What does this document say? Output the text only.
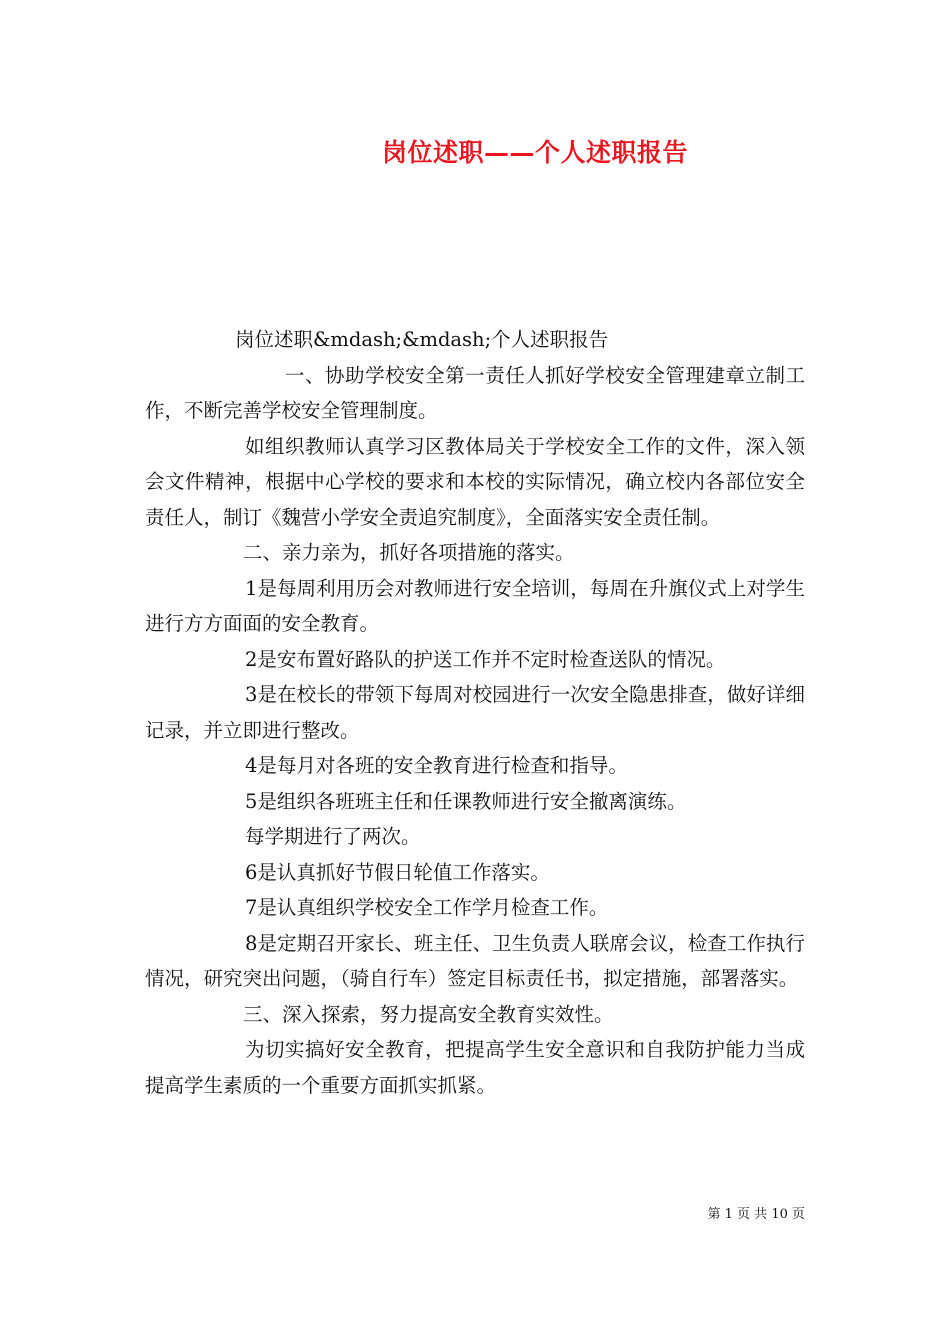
岗位述职——个人述职报告

岗位述职&mdash;&mdash;个人述职报告

一、协助学校安全第一责任人抓好学校安全管理建章立制工作，不断完善学校安全管理制度。

如组织教师认真学习区教体局关于学校安全工作的文件，深入领会文件精神，根据中心学校的要求和本校的实际情况，确立校内各部位安全责任人，制订《魏营小学安全责追究制度》，全面落实安全责任制。

二、亲力亲为，抓好各项措施的落实。

1是每周利用历会对教师进行安全培训，每周在升旗仪式上对学生进行方方面面的安全教育。

2是安布置好路队的护送工作并不定时检查送队的情况。

3是在校长的带领下每周对校园进行一次安全隐患排查，做好详细记录，并立即进行整改。

4是每月对各班的安全教育进行检查和指导。

5是组织各班班主任和任课教师进行安全撤离演练。

每学期进行了两次。

6是认真抓好节假日轮值工作落实。

7是认真组织学校安全工作学月检查工作。

8是定期召开家长、班主任、卫生负责人联席会议，检查工作执行情况，研究突出问题，（骑自行车）签定目标责任书，拟定措施，部署落实。

三、深入探索，努力提高安全教育实效性。

为切实搞好安全教育，把提高学生安全意识和自我防护能力当成提高学生素质的一个重要方面抓实抓紧。

第 1 页 共 10 页
